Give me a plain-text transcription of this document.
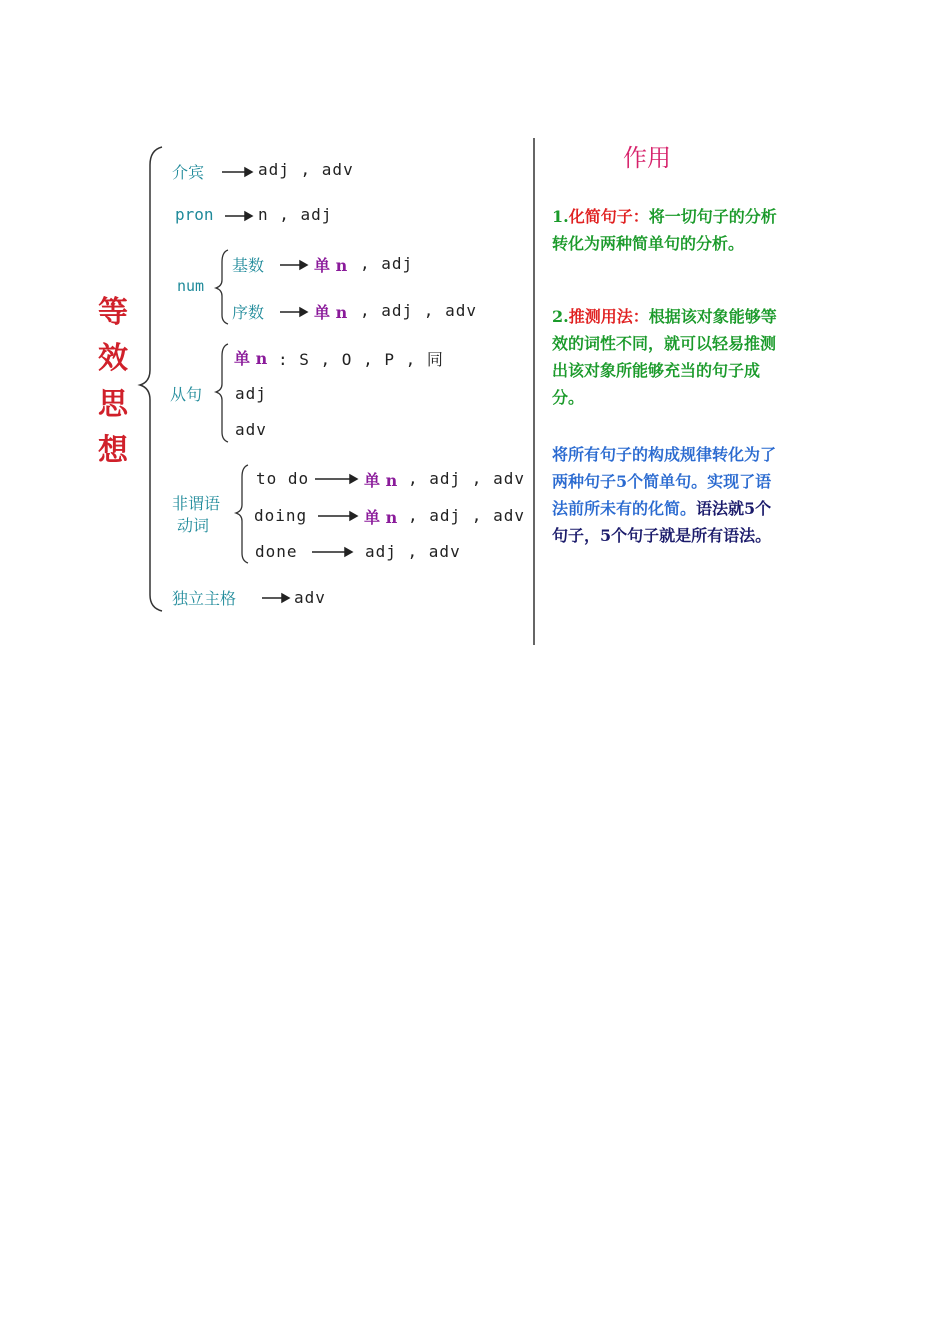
等效思想
介宾	adj , adv
pron	n , adj
num
基数	单 n , adj
序数	单 n , adj , adv
从句
单 n : S , O , P , 同
adj
adv
非谓语
动词
to do	单 n , adj , adv
doing	单 n , adj , adv
done	adj , adv
独立主格	adv
作用
1.化简句子：将一切句子的分析转化为两种简单句的分析。
2.推测用法：根据该对象能够等效的词性不同，就可以轻易推测出该对象所能够充当的句子成分。
将所有句子的构成规律转化为了两种句子5个简单句。实现了语法前所未有的化简。语法就5个句子，5个句子就是所有语法。
